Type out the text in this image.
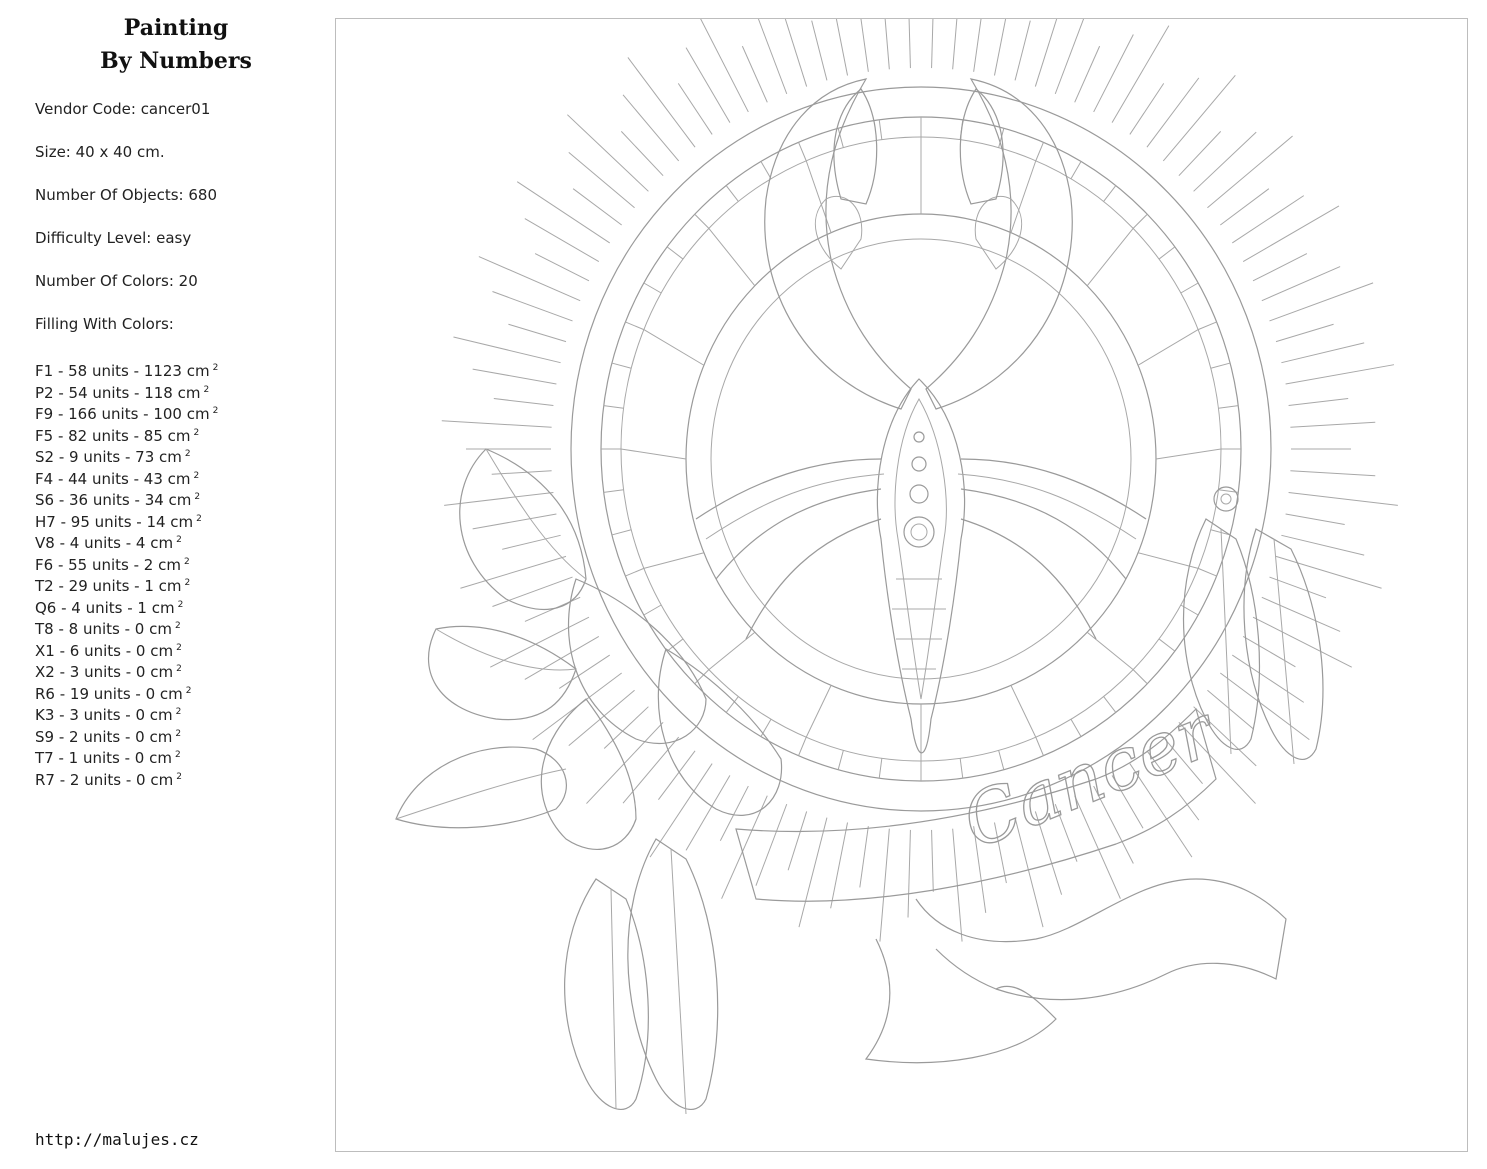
Painting
By Numbers
Vendor Code: cancer01
Size: 40 x 40 cm.
Number Of Objects: 680
Difficulty Level: easy
Number Of Colors: 20
Filling With Colors:
F1 - 58 units - 1123 cm $^2$
P2 - 54 units - 118 cm $^2$
F9 - 166 units - 100 cm $^2$
F5 - 82 units - 85 cm $^2$
S2 - 9 units - 73 cm $^2$
F4 - 44 units - 43 cm $^2$
S6 - 36 units - 34 cm $^2$
H7 - 95 units - 14 cm $^2$
V8 - 4 units - 4 cm $^2$
F6 - 55 units - 2 cm $^2$
T2 - 29 units - 1 cm $^2$
Q6 - 4 units - 1 cm $^2$
T8 - 8 units - 0 cm $^2$
X1 - 6 units - 0 cm $^2$
X2 - 3 units - 0 cm $^2$
R6 - 19 units - 0 cm $^2$
K3 - 3 units - 0 cm $^2$
S9 - 2 units - 0 cm $^2$
T7 - 1 units - 0 cm $^2$
R7 - 2 units - 0 cm $^2$
http://malujes.cz
Cancer
